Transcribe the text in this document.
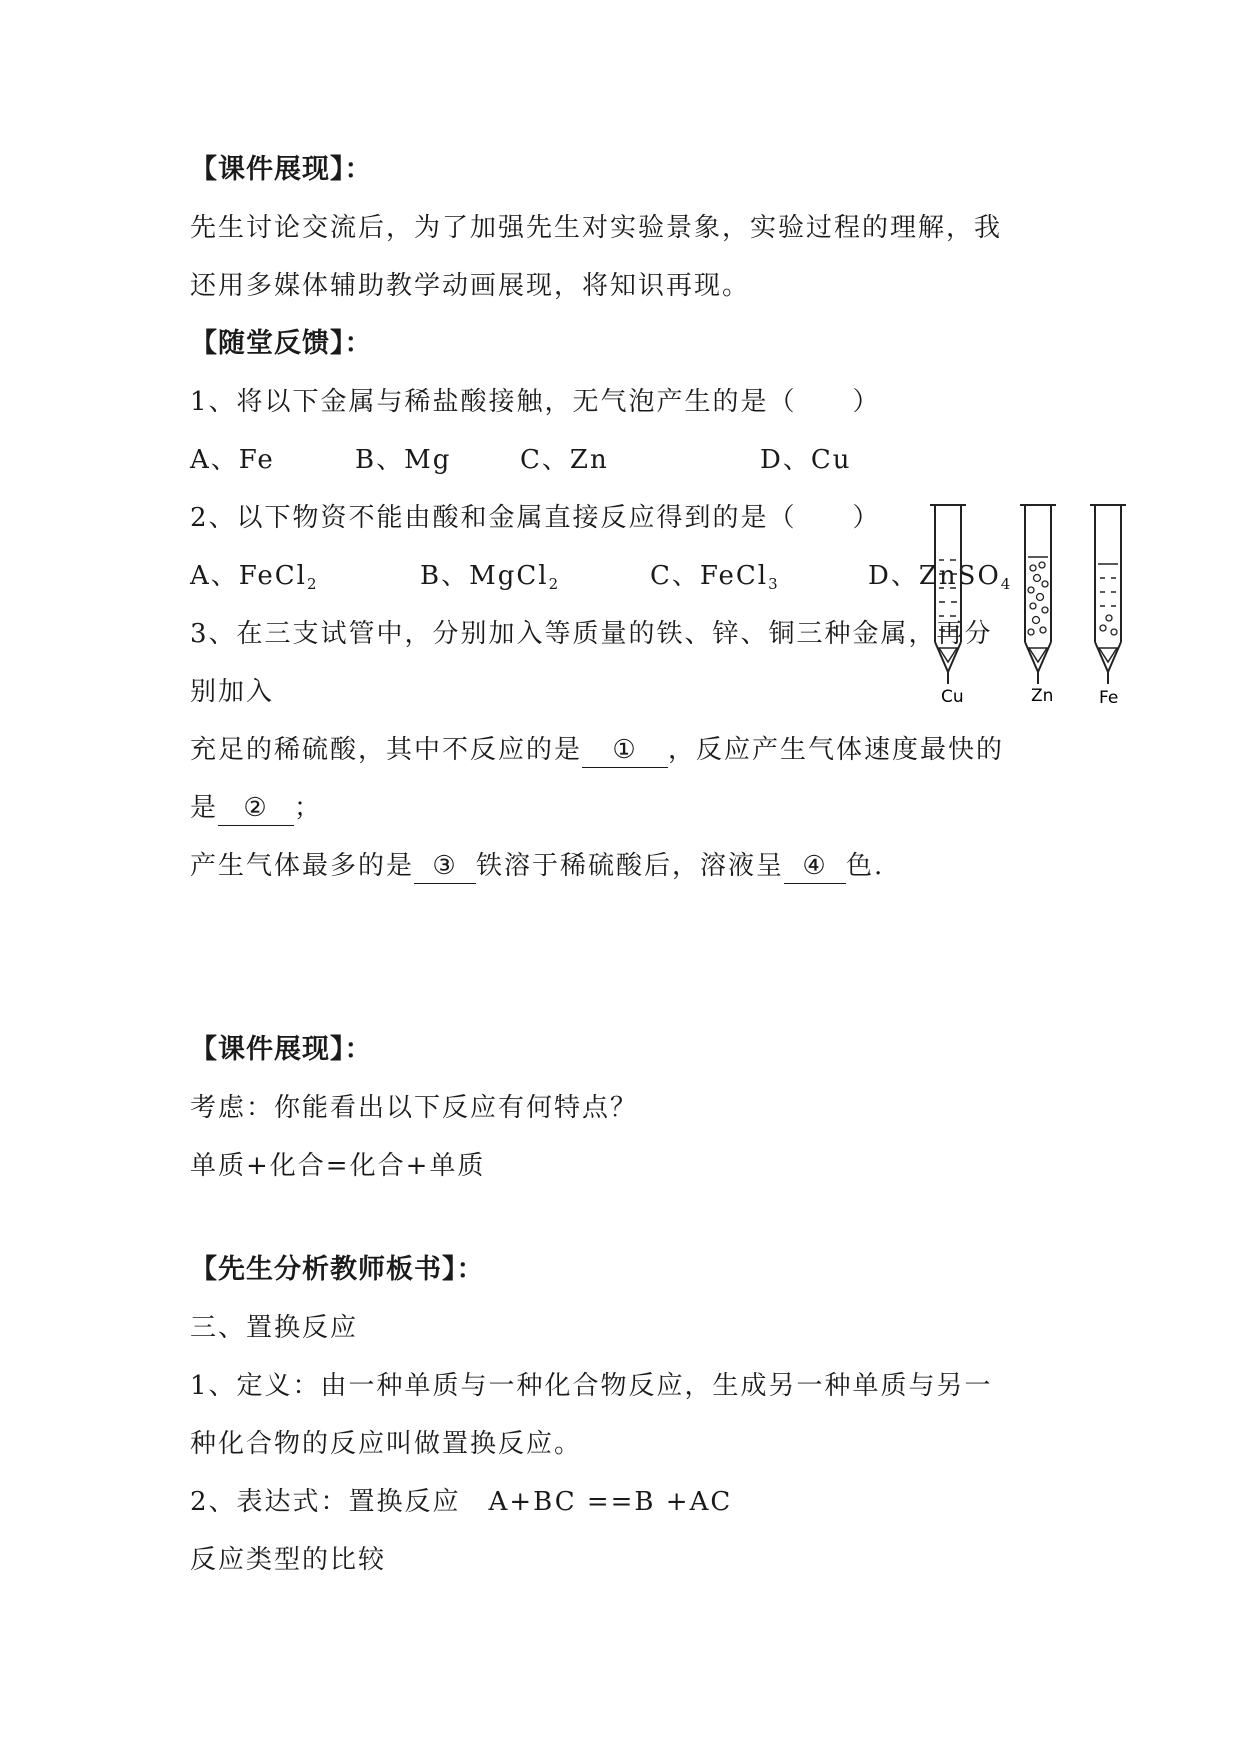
【课件展现】：
先生讨论交流后，为了加强先生对实验景象，实验过程的理解，我
还用多媒体辅助教学动画展现，将知识再现。
【随堂反馈】：
1、将以下金属与稀盐酸接触，无气泡产生的是（　　）
A、Fe	B、Mg	C、Zn	D、Cu
2、以下物资不能由酸和金属直接反应得到的是（　　）
A、FeCl$_2$	B、MgCl$_2$	C、FeCl$_3$	D、ZnSO$_4$
3、在三支试管中，分别加入等质量的铁、锌、铜三种金属，再分
别加入
充足的稀硫酸，其中不反应的是 ① ，反应产生气体速度最快的
是 ② ；
产生气体最多的是 ③ 铁溶于稀硫酸后，溶液呈 ④ 色.
Cu	Zn	Fe
【课件展现】：
考虑：你能看出以下反应有何特点？
单质+化合=化合+单质
【先生分析教师板书】：
三、置换反应
1、定义：由一种单质与一种化合物反应，生成另一种单质与另一
种化合物的反应叫做置换反应。
2、表达式：置换反应　A+BC ==B +AC
反应类型的比较
